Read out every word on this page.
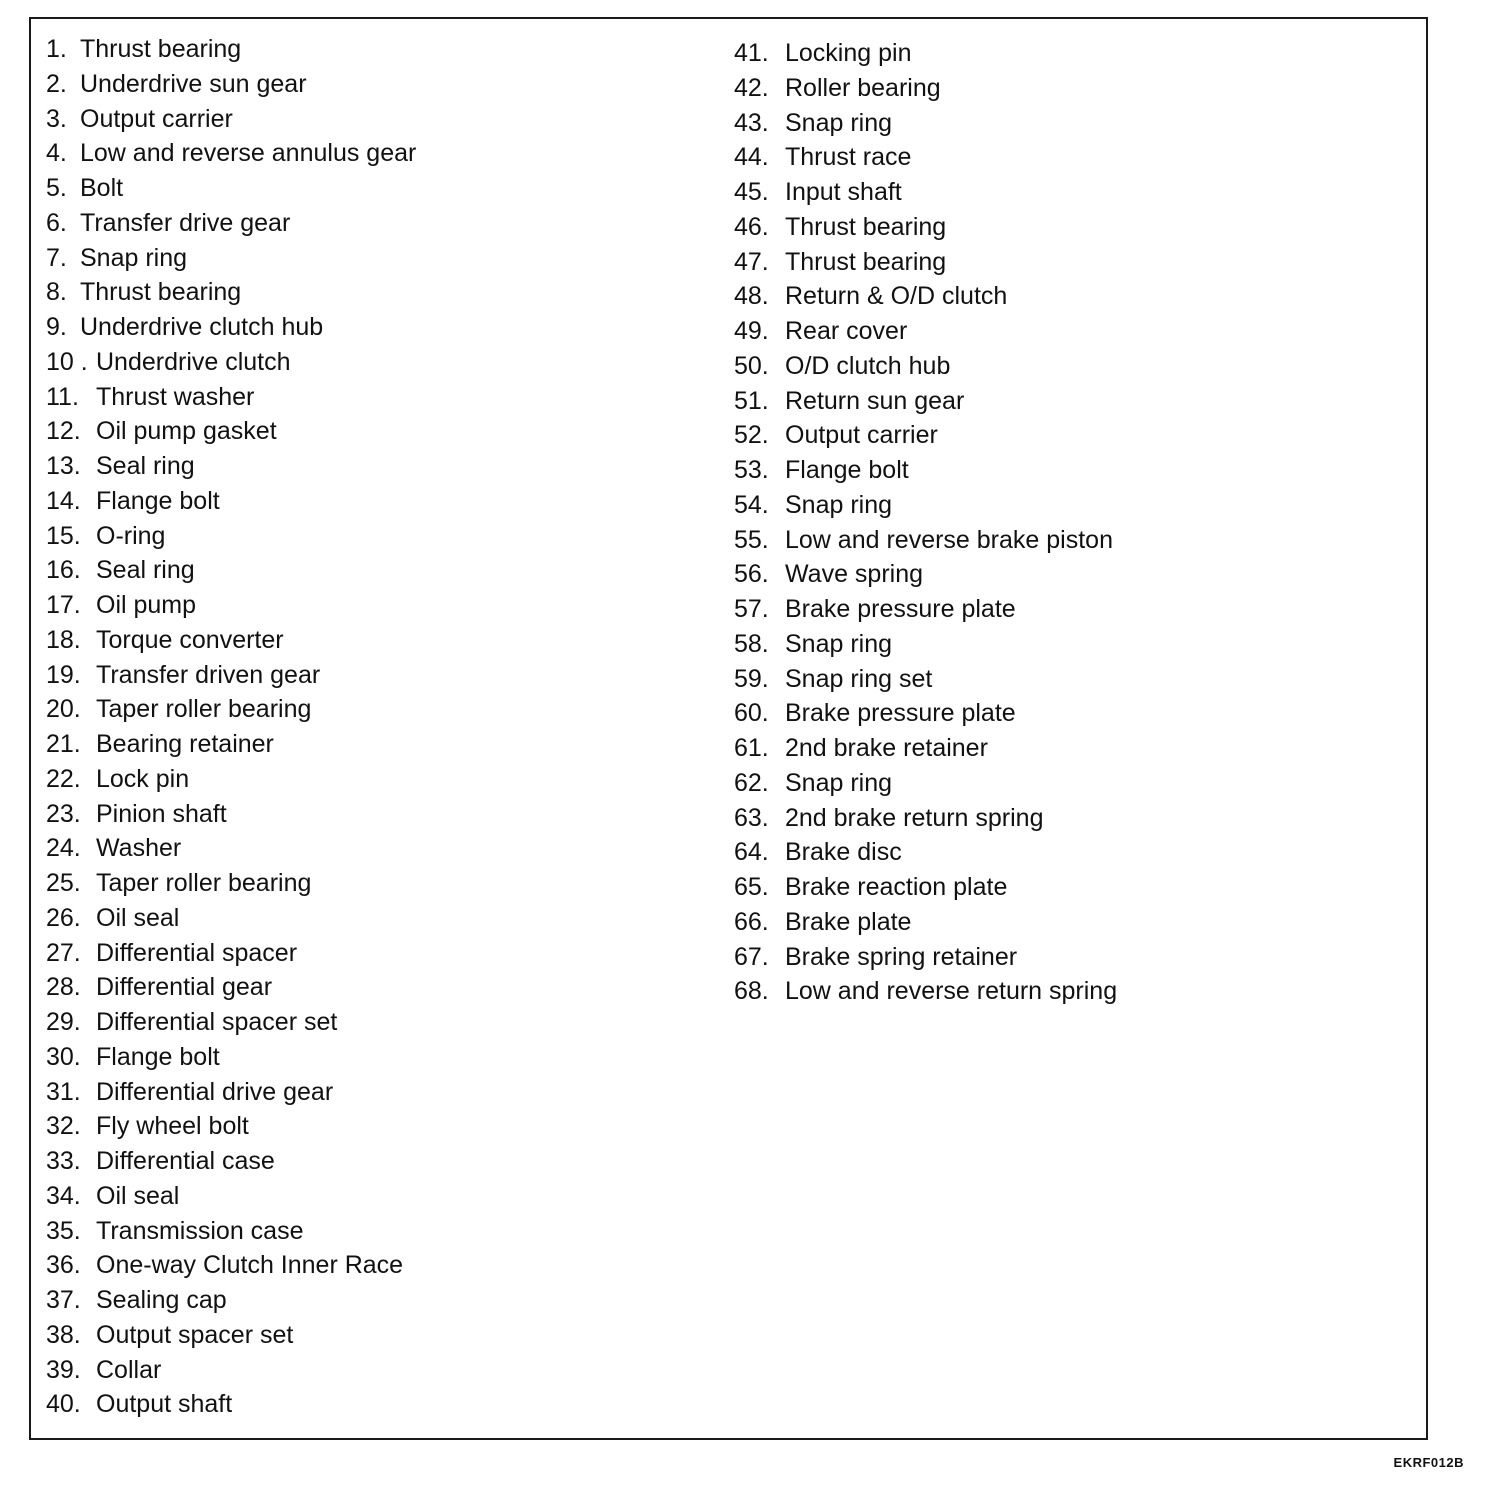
1. Thrust bearing
2. Underdrive sun gear
3. Output carrier
4. Low and reverse annulus gear
5. Bolt
6. Transfer drive gear
7. Snap ring
8. Thrust bearing
9. Underdrive clutch hub
10 . Underdrive clutch
11. Thrust washer
12. Oil pump gasket
13. Seal ring
14. Flange bolt
15. O-ring
16. Seal ring
17. Oil pump
18. Torque converter
19. Transfer driven gear
20. Taper roller bearing
21. Bearing retainer
22. Lock pin
23. Pinion shaft
24. Washer
25. Taper roller bearing
26. Oil seal
27. Differential spacer
28. Differential gear
29. Differential spacer set
30. Flange bolt
31. Differential drive gear
32. Fly wheel bolt
33. Differential case
34. Oil seal
35. Transmission case
36. One-way Clutch Inner Race
37. Sealing cap
38. Output spacer set
39. Collar
40. Output shaft
41. Locking pin
42. Roller bearing
43. Snap ring
44. Thrust race
45. Input shaft
46. Thrust bearing
47. Thrust bearing
48. Return & O/D clutch
49. Rear cover
50. O/D clutch hub
51. Return sun gear
52. Output carrier
53. Flange bolt
54. Snap ring
55. Low and reverse brake piston
56. Wave spring
57. Brake pressure plate
58. Snap ring
59. Snap ring set
60. Brake pressure plate
61. 2nd brake retainer
62. Snap ring
63. 2nd brake return spring
64. Brake disc
65. Brake reaction plate
66. Brake plate
67. Brake spring retainer
68. Low and reverse return spring
EKRF012B
